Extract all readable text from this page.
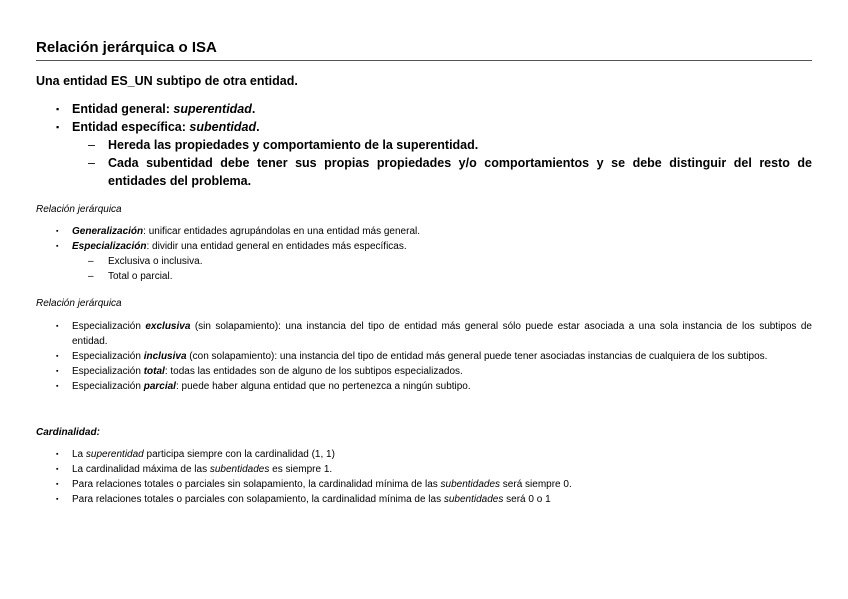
Relación jerárquica o ISA
Una entidad ES_UN subtipo de otra entidad.
▪ Entidad general: superentidad.
▪ Entidad específica: subentidad.
– Hereda las propiedades y comportamiento de la superentidad.
– Cada subentidad debe tener sus propias propiedades y/o comportamientos y se debe distinguir del resto de entidades del problema.
Relación jerárquica
▪ Generalización: unificar entidades agrupándolas en una entidad más general.
▪ Especialización: dividir una entidad general en entidades más específicas.
– Exclusiva o inclusiva.
– Total o parcial.
Relación jerárquica
▪ Especialización exclusiva (sin solapamiento): una instancia del tipo de entidad más general sólo puede estar asociada a una sola instancia de los subtipos de entidad.
▪ Especialización inclusiva (con solapamiento): una instancia del tipo de entidad más general puede tener asociadas instancias de cualquiera de los subtipos.
▪ Especialización total: todas las entidades son de alguno de los subtipos especializados.
▪ Especialización parcial: puede haber alguna entidad que no pertenezca a ningún subtipo.
Cardinalidad:
▪ La superentidad participa siempre con la cardinalidad (1, 1)
▪ La cardinalidad máxima de las subentidades es siempre 1.
▪ Para relaciones totales o parciales sin solapamiento, la cardinalidad mínima de las subentidades será siempre 0.
▪ Para relaciones totales o parciales con solapamiento, la cardinalidad mínima de las subentidades será 0 o 1
